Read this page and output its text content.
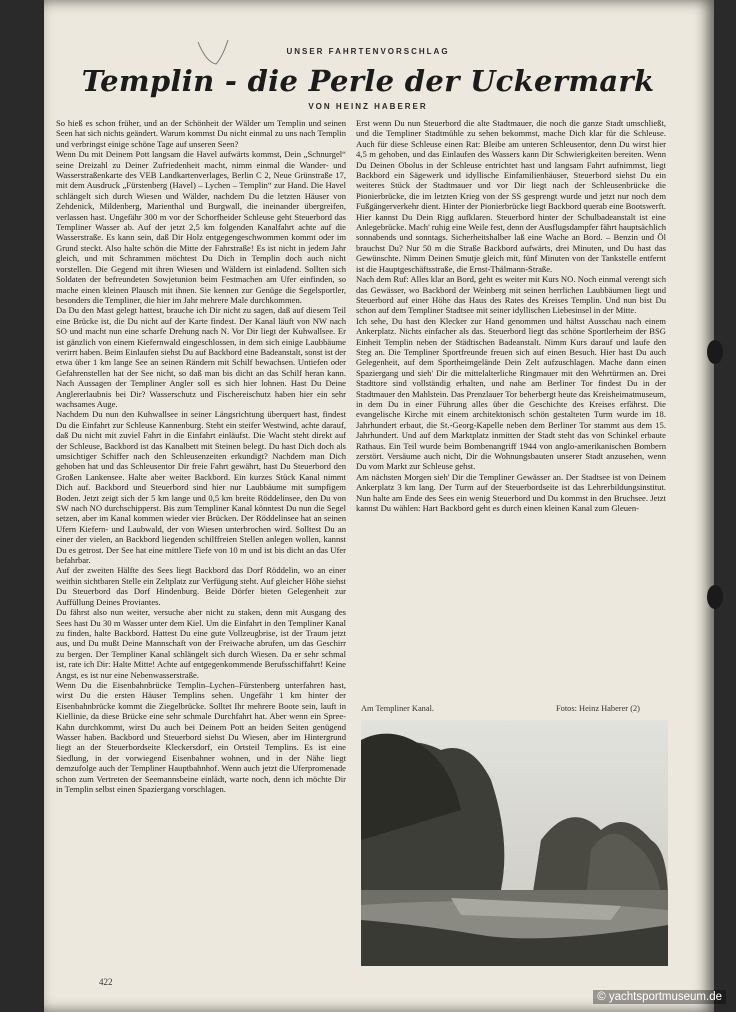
UNSER FAHRTENVORSCHLAG
Templin - die Perle der Uckermark
VON HEINZ HABERER

So hieß es schon früher, und an der Schönheit der Wälder um Templin und seinen Seen hat sich nichts geändert. Warum kommst Du nicht einmal zu uns nach Templin und verbringst einige schöne Tage auf unseren Seen?

Wenn Du mit Deinem Pott langsam die Havel aufwärts kommst, Dein „Schnurgel“ seine Dreizahl zu Deiner Zufriedenheit macht, nimm einmal die Wander- und Wasserstraßenkarte des VEB Landkartenverlages, Berlin C 2, Neue Grünstraße 17, mit dem Ausdruck „Fürstenberg (Havel) – Lychen – Templin“ zur Hand. Die Havel schlängelt sich durch Wiesen und Wälder, nachdem Du die letzten Häuser von Zehdenick, Mildenberg, Marienthal und Burgwall, die ineinander übergreifen, verlassen hast. Ungefähr 300 m vor der Schorfheider Schleuse geht Steuerbord das Templiner Wasser ab. Auf der jetzt 2,5 km folgenden Kanalfahrt achte auf die Wasserstraße. Es kann sein, daß Dir Holz entgegengeschwommen kommt oder im Grund steckt. Also halte schön die Mitte der Fahrstraße! Es ist nicht in jedem Jahr gleich, und mit Schrammen möchtest Du Dich in Templin doch auch nicht vorstellen. Die Gegend mit ihren Wiesen und Wäldern ist einladend. Sollten sich Soldaten der befreundeten Sowjetunion beim Festmachen am Ufer einfinden, so mache einen kleinen Plausch mit ihnen. Sie kennen zur Genüge die Segelsportler, besonders die Templiner, die hier im Jahr mehrere Male durchkommen.

Da Du den Mast gelegt hattest, brauche ich Dir nicht zu sagen, daß auf diesem Teil eine Brücke ist, die Du nicht auf der Karte findest. Der Kanal läuft von NW nach SO und macht nun eine scharfe Drehung nach N. Vor Dir liegt der Kuhwallsee. Er ist gänzlich von einem Kiefernwald eingeschlossen, in dem sich einige Laubbäume verirrt haben. Beim Einlaufen siehst Du auf Backbord eine Badeanstalt, sonst ist der etwa über 1 km lange See an seinen Rändern mit Schilf bewachsen. Untiefen oder Gefahrenstellen hat der See nicht, so daß man bis dicht an das Schilf heran kann. Nach Aussagen der Templiner Angler soll es sich hier lohnen. Hast Du Deine Anglererlaubnis bei Dir? Wasserschutz und Fischereischutz haben hier ein sehr wachsames Auge.

Nachdem Du nun den Kuhwallsee in seiner Längsrichtung überquert hast, findest Du die Einfahrt zur Schleuse Kannenburg. Steht ein steifer Westwind, achte darauf, daß Du nicht mit zuviel Fahrt in die Einfahrt einläufst. Die Wacht steht direkt auf der Schleuse, Backbord ist das Kanalbett mit Steinen belegt. Du hast Dich doch als umsichtiger Schiffer nach den Schleusenzeiten erkundigt? Nachdem man Dich gehoben hat und das Schleusentor Dir freie Fahrt gewährt, hast Du Steuerbord den Großen Lankensee. Halte aber weiter Backbord. Ein kurzes Stück Kanal nimmt Dich auf. Backbord und Steuerbord sind hier nur Laubbäume mit sumpfigem Boden. Jetzt zeigt sich der 5 km lange und 0,5 km breite Röddelinsee, den Du von SW nach NO durchschipperst. Bis zum Templiner Kanal könntest Du nun die Segel setzen, aber im Kanal kommen wieder vier Brücken. Der Röddelinsee hat an seinen Ufern Kiefern- und Laubwald, der von Wiesen unterbrochen wird. Solltest Du an einer der vielen, an Backbord liegenden schilffreien Stellen anlegen wollen, kannst Du es getrost. Der See hat eine mittlere Tiefe von 10 m und ist bis dicht an das Ufer befahrbar.

Auf der zweiten Hälfte des Sees liegt Backbord das Dorf Röddelin, wo an einer weithin sichtbaren Stelle ein Zeltplatz zur Verfügung steht. Auf gleicher Höhe siehst Du Steuerbord das Dorf Hindenburg. Beide Dörfer bieten Gelegenheit zur Auffüllung Deines Proviantes.

Du fährst also nun weiter, versuche aber nicht zu staken, denn mit Ausgang des Sees hast Du 30 m Wasser unter dem Kiel. Um die Einfahrt in den Templiner Kanal zu finden, halte Backbord. Hattest Du eine gute Vollzeugbrise, ist der Traum jetzt aus, und Du mußt Deine Mannschaft von der Freiwache abrufen, um das Geschirr zu bergen. Der Templiner Kanal schlängelt sich durch Wiesen. Da er sehr schmal ist, rate ich Dir: Halte Mitte! Achte auf entgegenkommende Berufsschiffahrt! Keine Angst, es ist nur eine Nebenwasserstraße.

Wenn Du die Eisenbahnbrücke Templin–Lychen–Fürstenberg unterfahren hast, wirst Du die ersten Häuser Templins sehen. Ungefähr 1 km hinter der Eisenbahnbrücke kommt die Ziegelbrücke. Solltet Ihr mehrere Boote sein, lauft in Kiellinie, da diese Brücke eine sehr schmale Durchfahrt hat. Aber wenn ein Spree-Kahn durchkommt, wirst Du auch bei Deinem Pott an beiden Seiten genügend Wasser haben. Backbord und Steuerbord siehst Du Wiesen, aber im Hintergrund liegt an der Steuerbordseite Kleckersdorf, ein Ortsteil Templins. Es ist eine Siedlung, in der vorwiegend Eisenbahner wohnen, und in der Nähe liegt demzufolge auch der Templiner Hauptbahnhof. Wenn auch jetzt die Uferpromenade schon zum Vertreten der Seemannsbeine einlädt, warte noch, denn ich möchte Dir in Templin selbst einen Spaziergang vorschlagen.

Erst wenn Du nun Steuerbord die alte Stadtmauer, die noch die ganze Stadt umschließt, und die Templiner Stadtmühle zu sehen bekommst, mache Dich klar für die Schleuse. Auch für diese Schleuse einen Rat: Bleibe am unteren Schleusentor, denn Du wirst hier 4,5 m gehoben, und das Einlaufen des Wassers kann Dir Schwierigkeiten bereiten. Wenn Du Deinen Obolus in der Schleuse entrichtet hast und langsam Fahrt aufnimmst, liegt Backbord ein Sägewerk und idyllische Einfamilienhäuser, Steuerbord siehst Du ein weiteres Stück der Stadtmauer und vor Dir liegt nach der Schleusenbrücke die Pionierbrücke, die im letzten Krieg von der SS gesprengt wurde und jetzt nur noch dem Fußgängerverkehr dient. Hinter der Pionierbrücke liegt Backbord querab eine Bootswerft. Hier kannst Du Dein Rigg aufklaren. Steuerbord hinter der Schulbadeanstalt ist eine Anlegebrücke. Mach' ruhig eine Weile fest, denn der Ausflugsdampfer fährt hauptsächlich sonnabends und sonntags. Sicherheitshalber laß eine Wache an Bord. – Benzin und Öl brauchst Du? Nur 50 m die Straße Backbord aufwärts, drei Minuten, und Du hast das Gewünschte. Nimm Deinen Smutje gleich mit, fünf Minuten von der Tankstelle entfernt ist die Hauptgeschäftsstraße, die Ernst-Thälmann-Straße.

Nach dem Ruf: Alles klar an Bord, geht es weiter mit Kurs NO. Noch einmal verengt sich das Gewässer, wo Backbord der Weinberg mit seinen herrlichen Laubbäumen liegt und Steuerbord auf einer Höhe das Haus des Rates des Kreises Templin. Und nun bist Du schon auf dem Templiner Stadtsee mit seiner idyllischen Liebesinsel in der Mitte.

Ich sehe, Du hast den Klecker zur Hand genommen und hältst Ausschau nach einem Ankerplatz. Nichts einfacher als das. Steuerbord liegt das schöne Sportlerheim der BSG Einheit Templin neben der Städtischen Badeanstalt. Nimm Kurs darauf und laufe den Steg an. Die Templiner Sportfreunde freuen sich auf einen Besuch. Hier hast Du auch Gelegenheit, auf dem Sportheimgelände Dein Zelt aufzuschlagen. Mache dann einen Spaziergang und sieh' Dir die mittelalterliche Ringmauer mit den Wehrtürmen an. Drei Stadttore sind vollständig erhalten, und nahe am Berliner Tor findest Du in der Stadtmauer den Mahlstein. Das Prenzlauer Tor beherbergt heute das Kreisheimatmuseum, in dem Du in einer Führung alles über die Geschichte des Kreises erfährst. Die evangelische Kirche mit einem architektonisch schön gestalteten Turm wurde im 18. Jahrhundert erbaut, die St.-Georg-Kapelle neben dem Berliner Tor stammt aus dem 15. Jahrhundert. Und auf dem Marktplatz inmitten der Stadt steht das von Schinkel erbaute Rathaus. Ein Teil wurde beim Bombenangriff 1944 von anglo-amerikanischen Bombern zerstört. Versäume auch nicht, Dir die Wohnungsbauten unserer Stadt anzusehen, wenn Du vom Markt zur Schleuse gehst.

Am nächsten Morgen sieh' Dir die Templiner Gewässer an. Der Stadtsee ist von Deinem Ankerplatz 3 km lang. Der Turm auf der Steuerbordseite ist das Lehrerbildungsinstitut. Nun halte am Ende des Sees ein wenig Steuerbord und Du kommst in den Bruchsee. Jetzt kannst Du wählen: Hart Backbord geht es durch einen kleinen Kanal zum Gleuen-

Am Templiner Kanal.	Fotos: Heinz Haberer (2)
422
© yachtsportmuseum.de
